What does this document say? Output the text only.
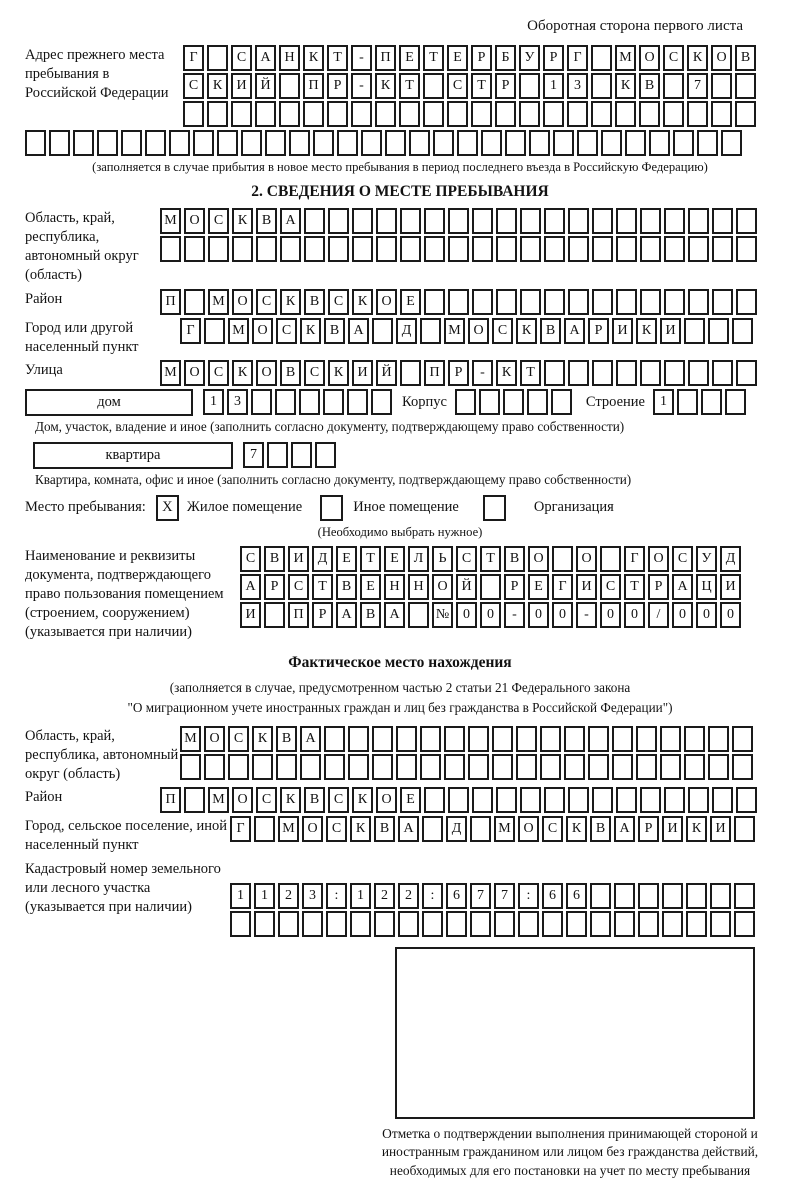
Оборотная сторона первого листа
Адрес прежнего места пребывания в Российской Федерации
Г	С	А Н	К	Т	-	П	Е	Т	Е	Р	Б	У	Р	Г	М О	С	К	О	В
С	К	И Й	П	Р	-	К	Т	С	Т	Р	1	3	К	В	7
(заполняется в случае прибытия в новое место пребывания в период последнего въезда в Российскую Федерацию)
2. СВЕДЕНИЯ О МЕСТЕ ПРЕБЫВАНИЯ
Область, край, республика, автономный округ (область)
М О	С	К	В	А
Район	П	М О	С	К	В	С	К	О	Е
Город или другой населенный пункт
Г	М О	С	К	В	А	Д	М О	С	К	В	А	Р	И	К	И
Улица	М О	С	К	О	В	С	К	И Й	П	Р	-	К	Т
дом	1	3	Корпус	Строение	1
Дом, участок, владение и иное (заполнить согласно документу, подтверждающему право собственности)
квартира	7
Квартира, комната, офис и иное (заполнить согласно документу, подтверждающему право собственности)
Место пребывания:	X Жилое помещение	Иное помещение	Организация
(Необходимо выбрать нужное)
Наименование и реквизиты документа, подтверждающего право пользования помещением (строением, сооружением) (указывается при наличии)
С	В	И	Д	Е	Т	Е	Л	Ь	С	Т	В	О	О	Г	О	С	У	Д
А	Р	С	Т	В	Е	Н Н О Й	Р	Е	Г	И	С	Т	Р	А Ц И
И	П	Р	А	В	А	№ 0	0	-	0	0	-	0	0	/	0	0	0
Фактическое место нахождения
(заполняется в случае, предусмотренном частью 2 статьи 21 Федерального закона
"О миграционном учете иностранных граждан и лиц без гражданства в Российской Федерации")
Область, край, республика, автономный округ (область)
М О	С	К	В	А
Район	П	М О	С	К	В	С	К	О	Е
Город, сельское поселение, иной населенный пункт
Г	М О	С	К	В	А	Д	М О	С	К	В	А	Р	И	К	И
Кадастровый номер земельного или лесного участка (указывается при наличии)
1	1	2	3	:	1	2	2	:	6	7	7	:	6	6
Отметка о подтверждении выполнения принимающей стороной и иностранным гражданином или лицом без гражданства действий, необходимых для его постановки на учет по месту пребывания
